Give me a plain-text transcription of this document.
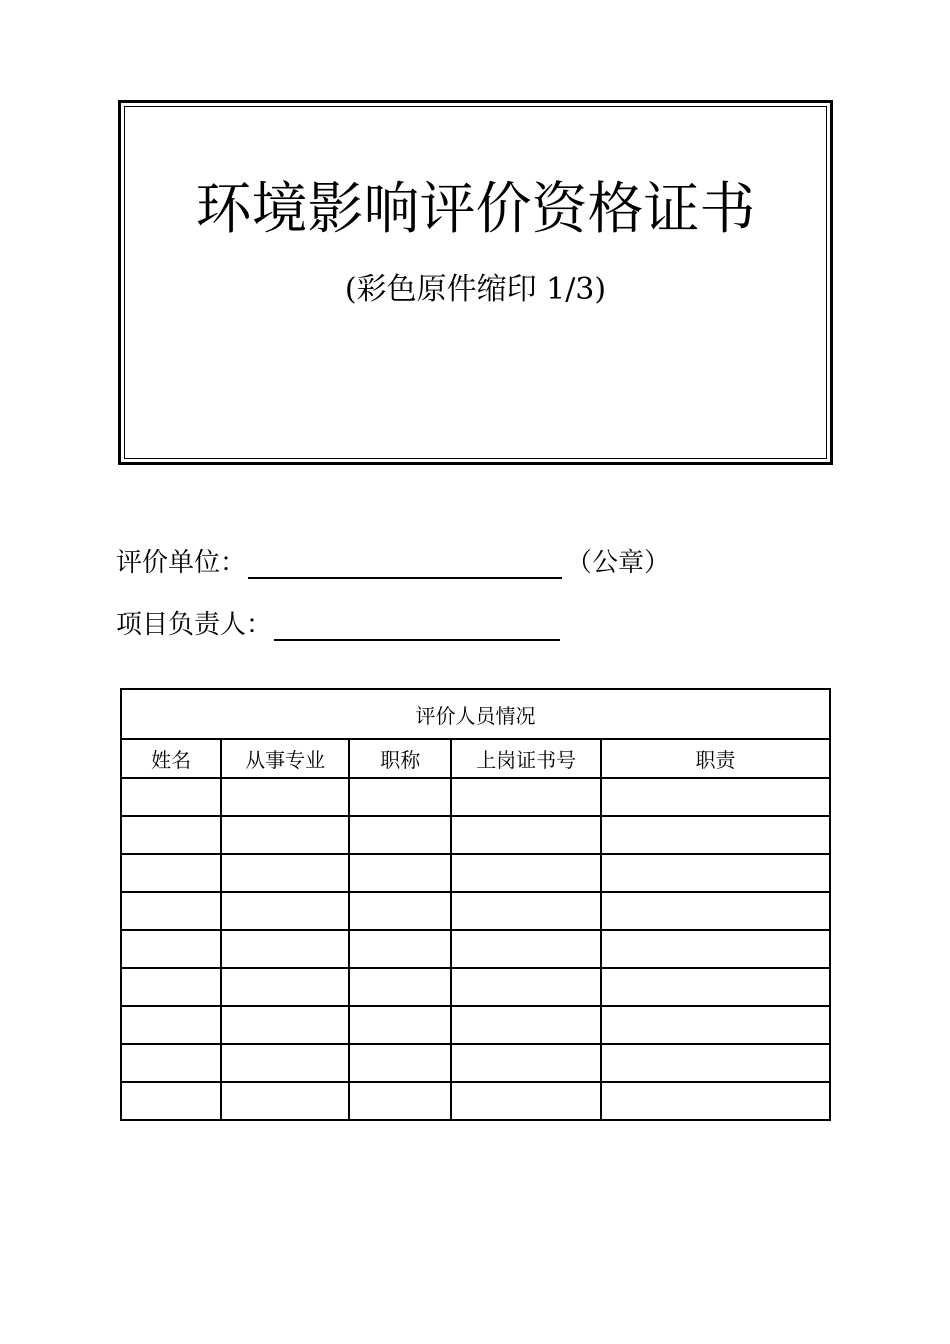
环境影响评价资格证书
(彩色原件缩印 1/3)
评价单位：	（公章）
项目负责人：
评价人员情况				
姓名	从事专业	职称	上岗证书号	职责
